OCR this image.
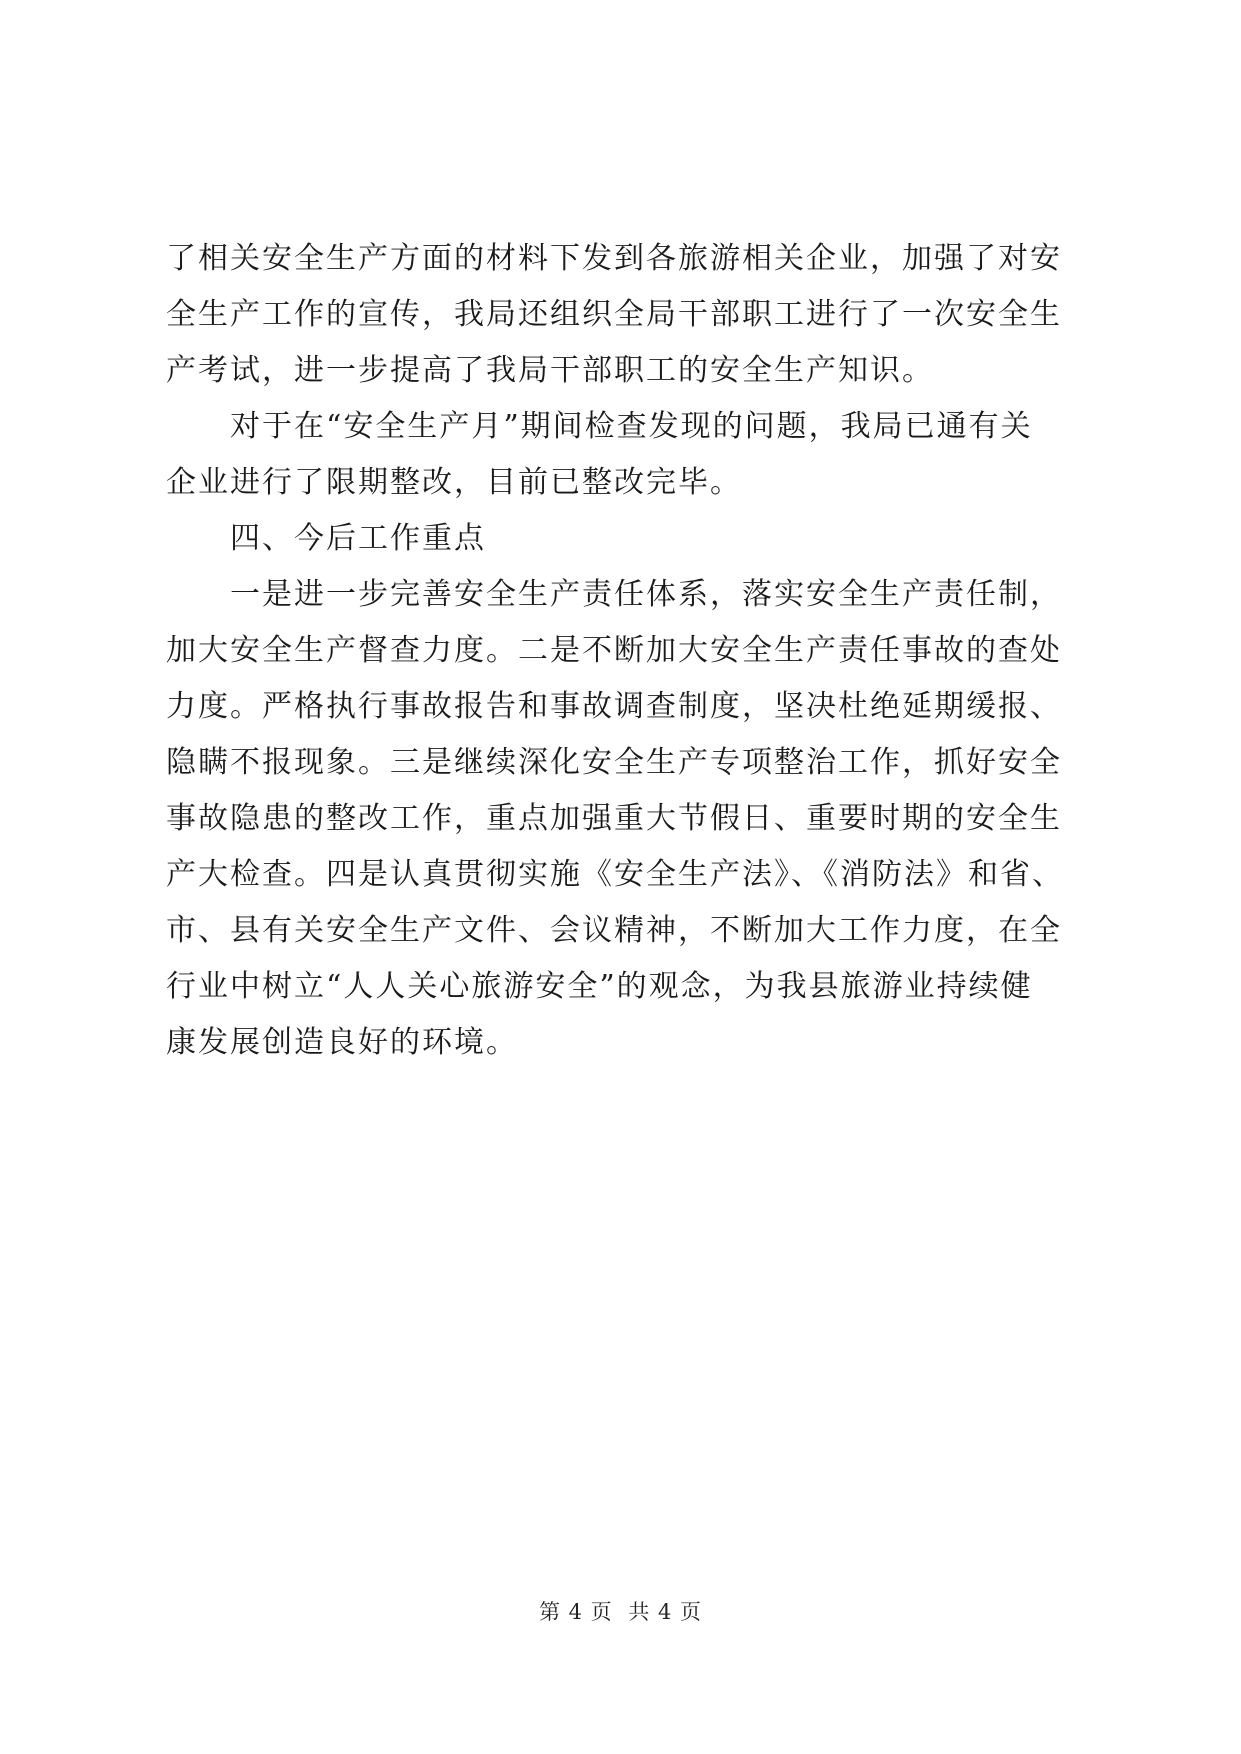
了相关安全生产方面的材料下发到各旅游相关企业，加强了对安

全生产工作的宣传，我局还组织全局干部职工进行了一次安全生

产考试，进一步提高了我局干部职工的安全生产知识。

对于在“安全生产月”期间检查发现的问题，我局已通有关

企业进行了限期整改，目前已整改完毕。

四、今后工作重点

一是进一步完善安全生产责任体系，落实安全生产责任制，

加大安全生产督查力度。二是不断加大安全生产责任事故的查处

力度。严格执行事故报告和事故调查制度，坚决杜绝延期缓报、

隐瞒不报现象。三是继续深化安全生产专项整治工作，抓好安全

事故隐患的整改工作，重点加强重大节假日、重要时期的安全生

产大检查。四是认真贯彻实施《安全生产法》、《消防法》和省、

市、县有关安全生产文件、会议精神，不断加大工作力度，在全

行业中树立“人人关心旅游安全”的观念，为我县旅游业持续健

康发展创造良好的环境。

第 4 页 共 4 页
